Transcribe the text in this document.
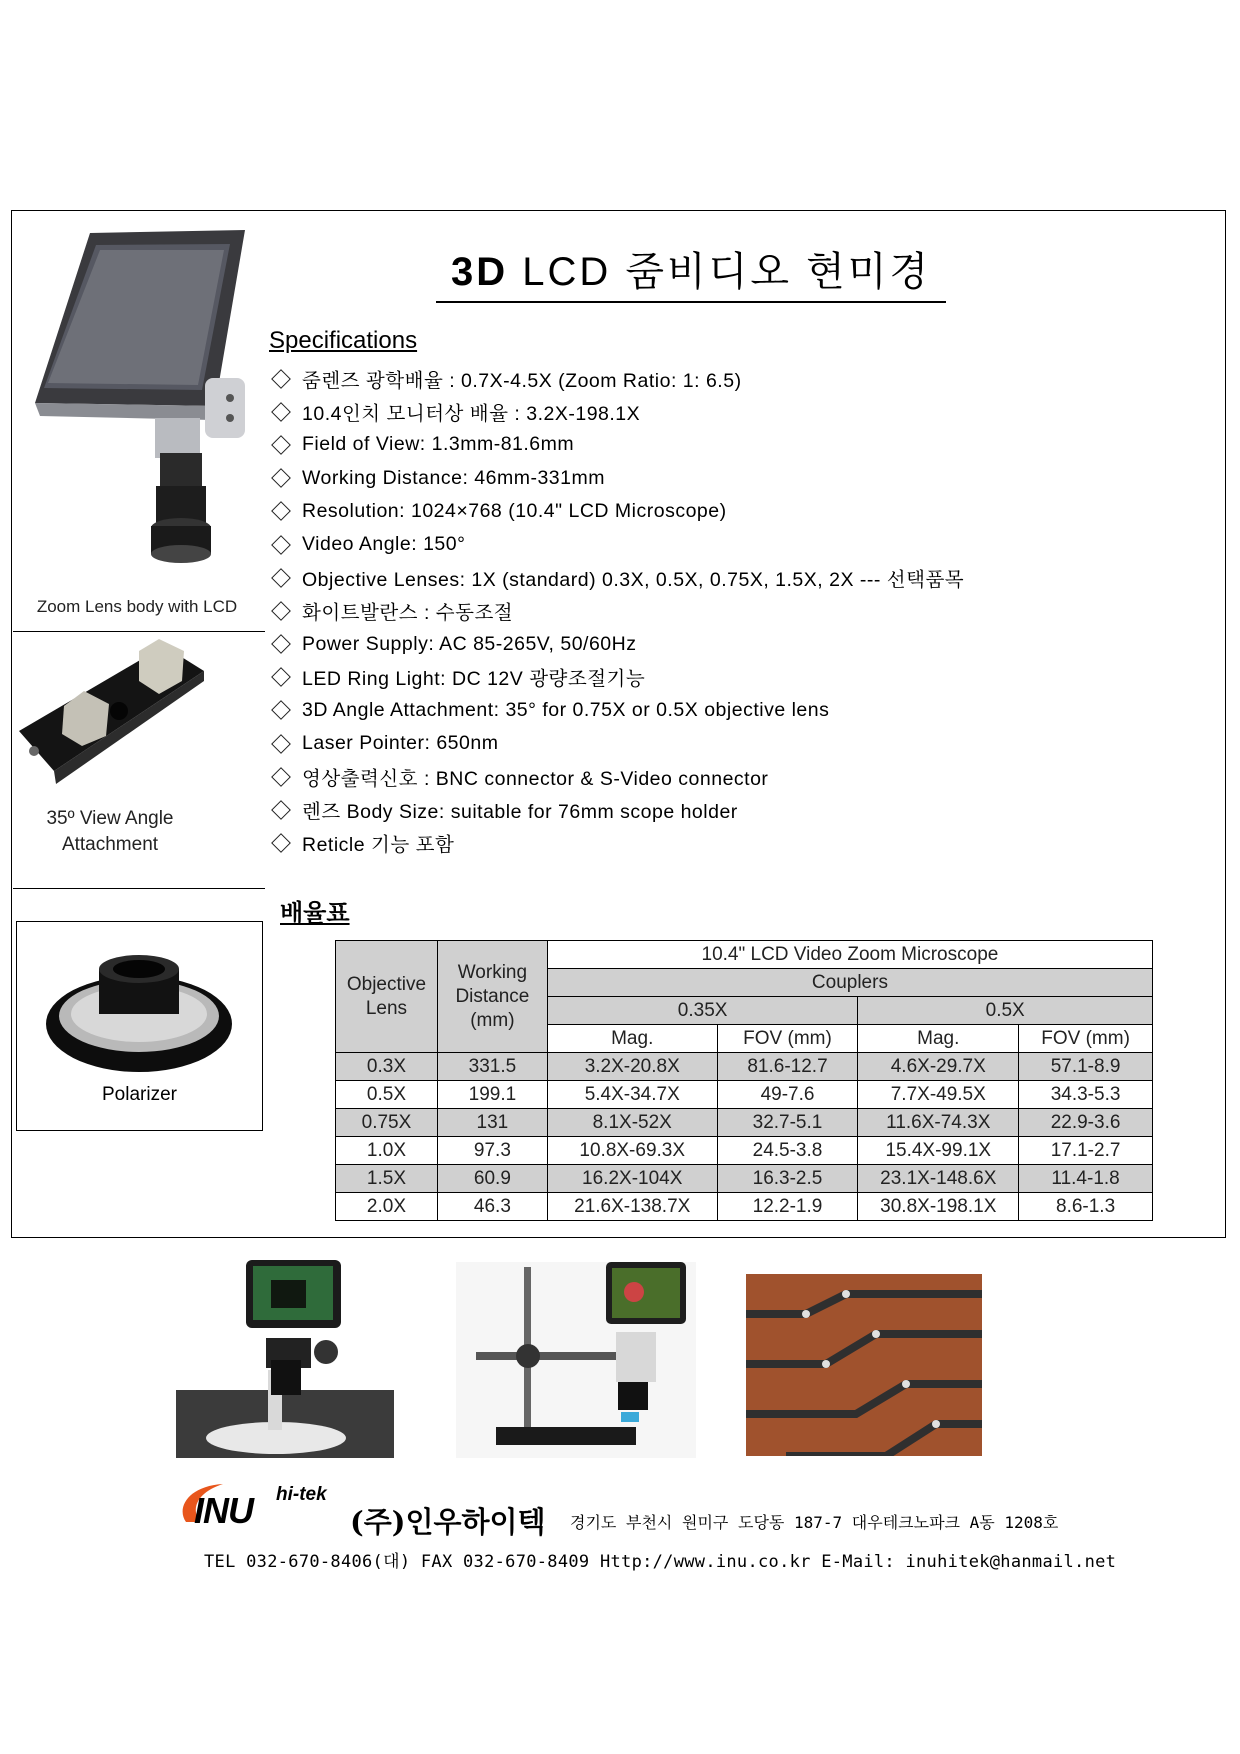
3D LCD 줌비디오 현미경
Zoom Lens body with LCD
35º View Angle
Attachment
Polarizer
Specifications
줌렌즈 광학배율 : 0.7X-4.5X (Zoom Ratio: 1: 6.5)
10.4인치 모니터상 배율 : 3.2X-198.1X
Field of View: 1.3mm-81.6mm
Working Distance: 46mm-331mm
Resolution: 1024×768 (10.4" LCD Microscope)
Video Angle: 150°
Objective Lenses: 1X (standard) 0.3X, 0.5X, 0.75X, 1.5X, 2X --- 선택품목
화이트발란스 : 수동조절
Power Supply: AC 85-265V, 50/60Hz
LED Ring Light: DC 12V 광량조절기능
3D Angle Attachment: 35° for 0.75X or 0.5X objective lens
Laser Pointer: 650nm
영상출력신호 : BNC connector & S-Video connector
렌즈 Body Size: suitable for 76mm scope holder
Reticle 기능 포함
배율표
Objective Lens	Working Distance (mm)	10.4" LCD Video Zoom Microscope			
		Couplers			
		0.35X		0.5X	
		Mag.	FOV (mm)	Mag.	FOV (mm)
0.3X	331.5	3.2X-20.8X	81.6-12.7	4.6X-29.7X	57.1-8.9
0.5X	199.1	5.4X-34.7X	49-7.6	7.7X-49.5X	34.3-5.3
0.75X	131	8.1X-52X	32.7-5.1	11.6X-74.3X	22.9-3.6
1.0X	97.3	10.8X-69.3X	24.5-3.8	15.4X-99.1X	17.1-2.7
1.5X	60.9	16.2X-104X	16.3-2.5	23.1X-148.6X	11.4-1.8
2.0X	46.3	21.6X-138.7X	12.2-1.9	30.8X-198.1X	8.6-1.3
INU hi-tek
(주)인우하이텍 경기도 부천시 원미구 도당동 187-7 대우테크노파크 A동 1208호
TEL 032-670-8406(대) FAX 032-670-8409 Http://www.inu.co.kr E-Mail: inuhitek@hanmail.net
